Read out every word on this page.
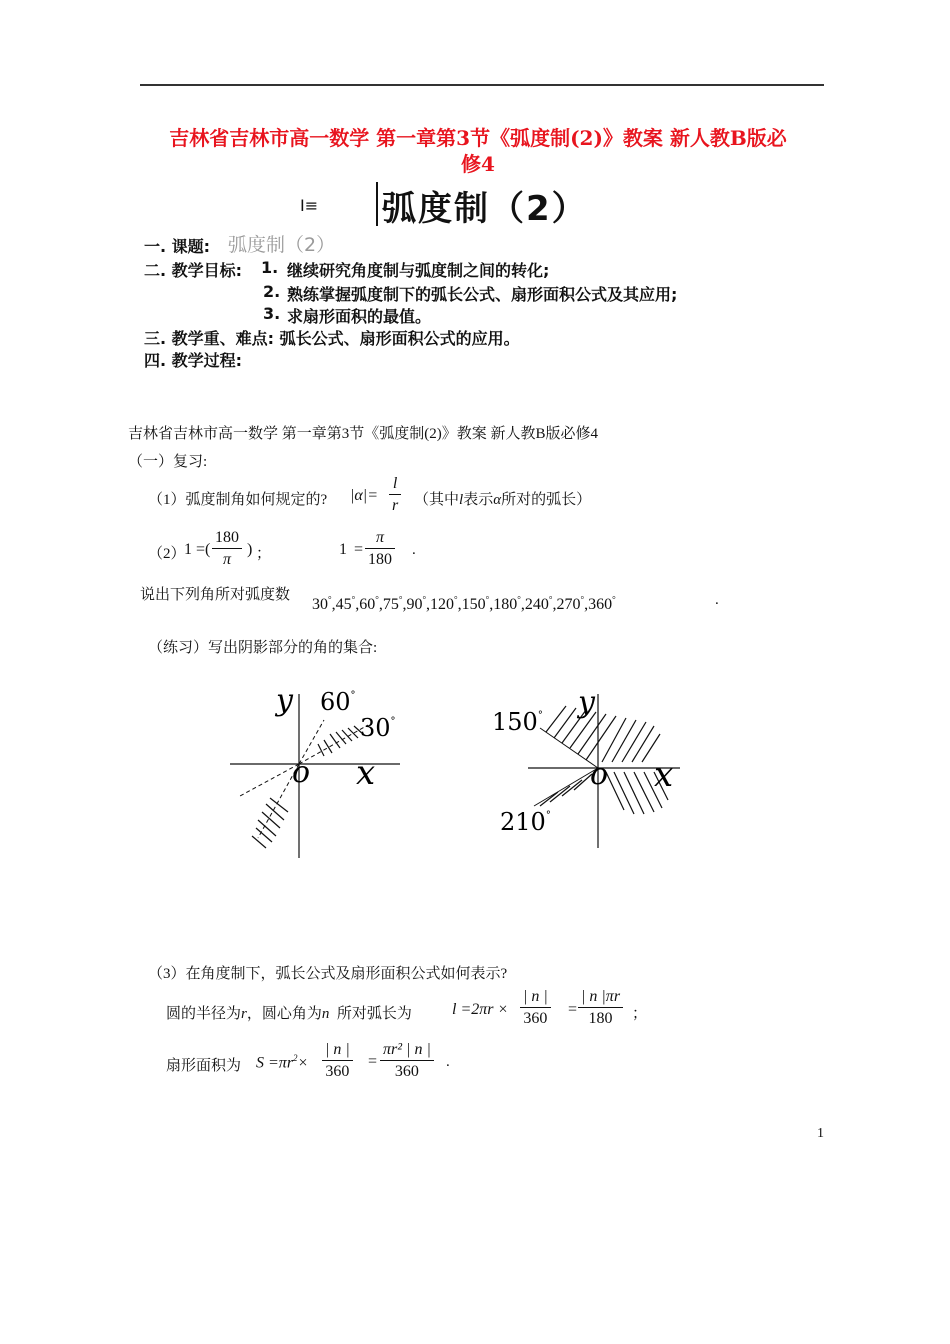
吉林省吉林市高一数学 第一章第3节《弧度制(2)》教案 新人教B版必
修4
I≡ 弧度制（2）
一. 课题: 弧度制（2）
二. 教学目标: 1. 继续研究角度制与弧度制之间的转化;
2. 熟练掌握弧度制下的弧长公式、扇形面积公式及其应用;
3. 求扇形面积的最值。
三. 教学重、难点: 弧长公式、扇形面积公式的应用。
四. 教学过程:
吉林省吉林市高一数学 第一章第3节《弧度制(2)》教案 新人教B版必修4
（一）复习:
（1）弧度制角如何规定的? |α|=
l
r （其中l表示α所对的弧长）
（2）
1 =(
180
π
) ；	1 =
π
180
.
说出下列角所对弧度数
30°,45°,60°,75°,90°,120°,150°,180°,240°,270°,360°	.
（练习）写出阴影部分的角的集合:
y 60°
30°
o x
y
150°
o x
210°
（3）在角度制下，弧长公式及扇形面积公式如何表示?
圆的半径为r，圆心角为n 所对弧长为	l =2πr ×
| n |
360
=
| n |πr
180 ；
扇形面积为 $S =\pi r^2\times$
| n |
360
=
πr² | n |
360
.
1
